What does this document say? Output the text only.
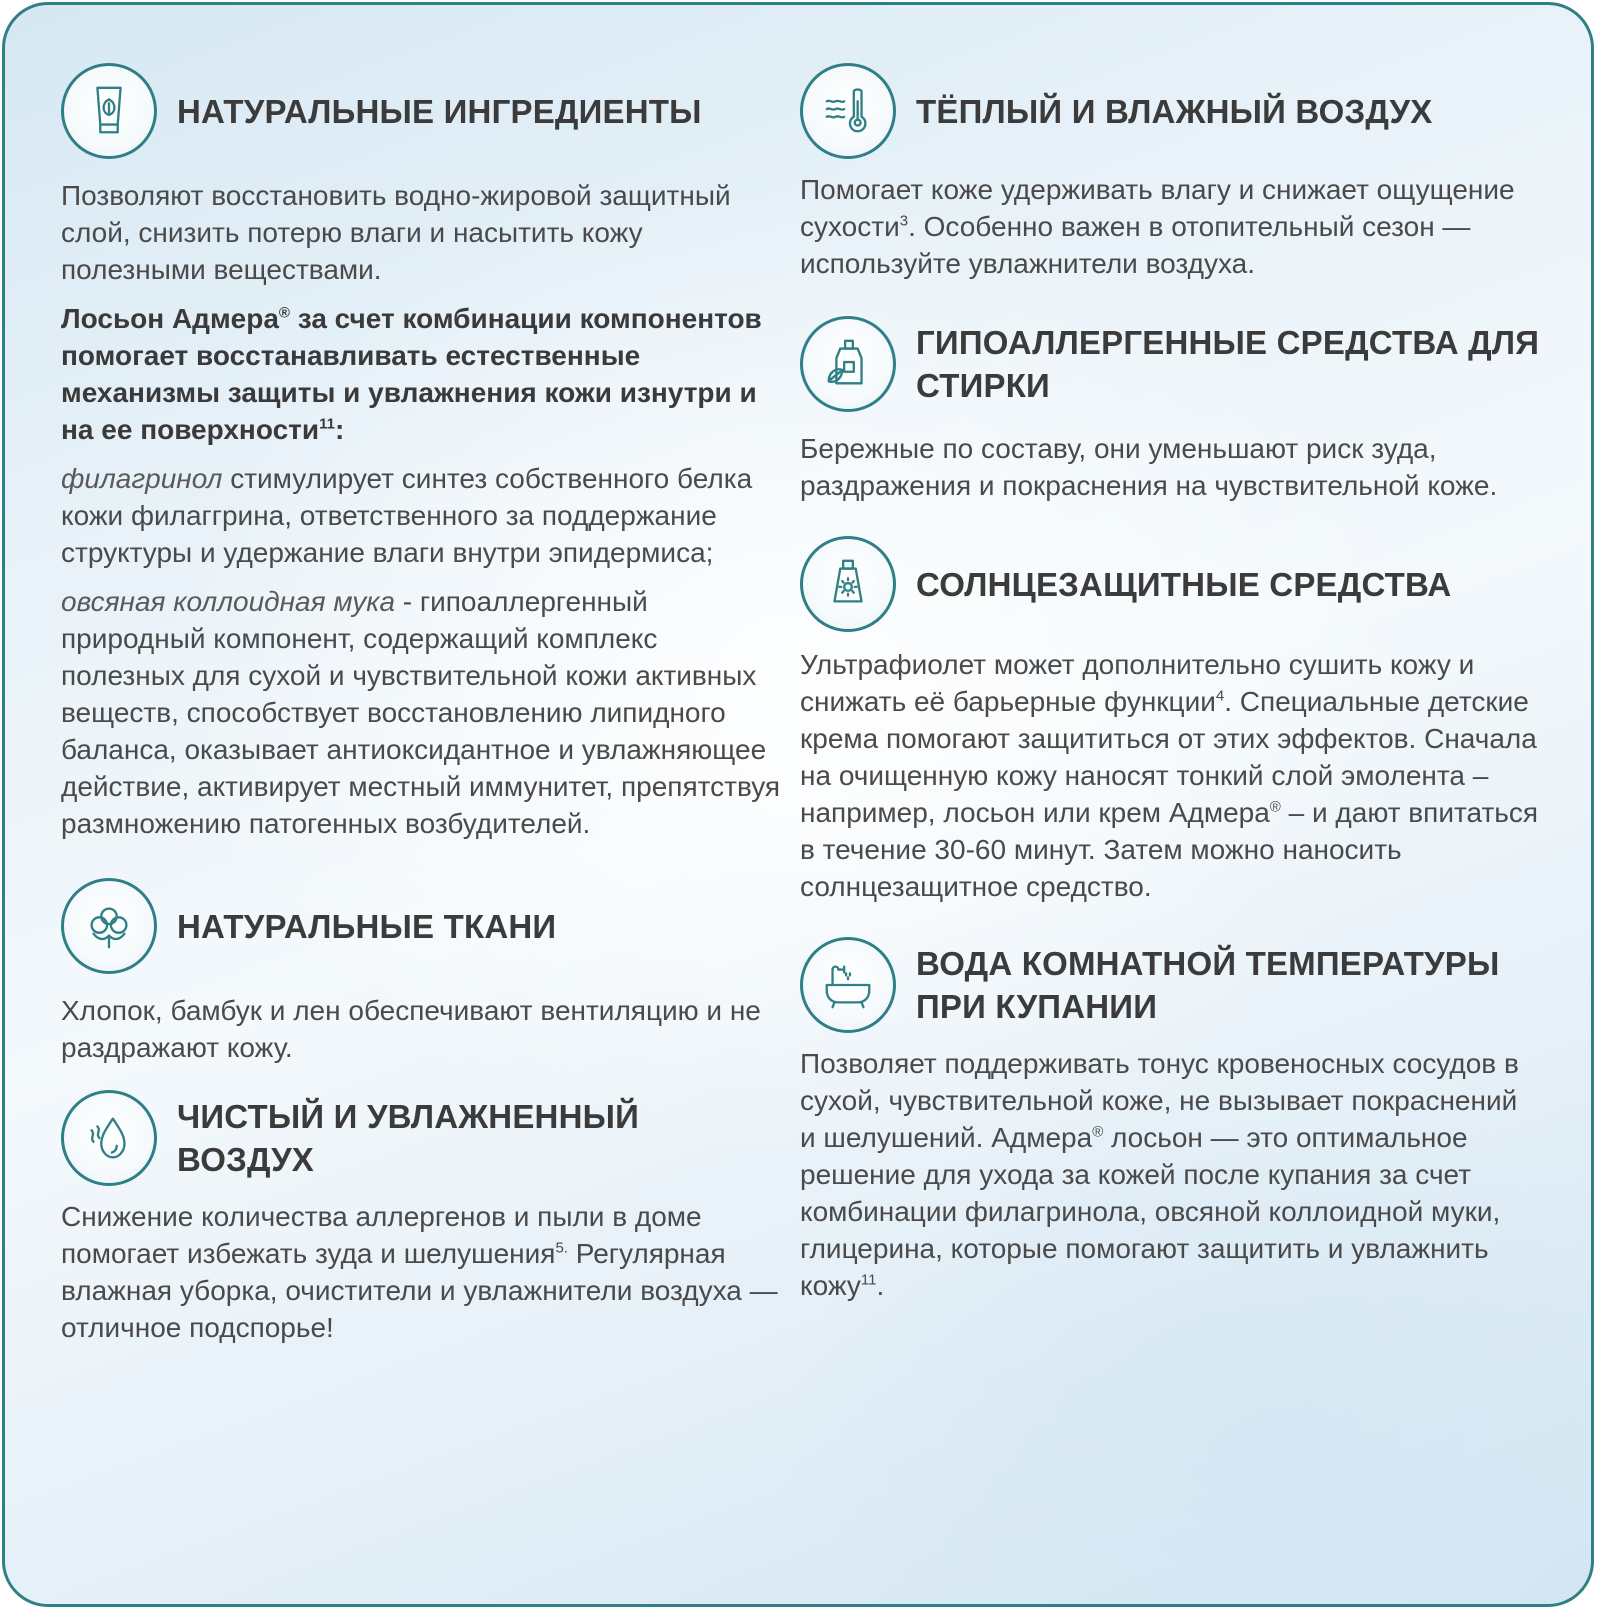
НАТУРАЛЬНЫЕ ИНГРЕДИЕНТЫ

Позволяют восстановить водно-жировой защитный слой, снизить потерю влаги и насытить кожу полезными веществами.

Лосьон Адмера® за счет комбинации компонентов помогает восстанавливать естественные механизмы защиты и увлажнения кожи изнутри и на ее поверхности$^{11}$:

филагринол стимулирует синтез собственного белка кожи филаггрина, ответственного за поддержание структуры и удержание влаги внутри эпидермиса;

овсяная коллоидная мука - гипоаллергенный природный компонент, содержащий комплекс полезных для сухой и чувствительной кожи активных веществ, способствует восстановлению липидного баланса, оказывает антиоксидантное и увлажняющее действие, активирует местный иммунитет, препятствуя размножению патогенных возбудителей.

НАТУРАЛЬНЫЕ ТКАНИ

Хлопок, бамбук и лен обеспечивают вентиляцию и не раздражают кожу.

ЧИСТЫЙ И УВЛАЖНЕННЫЙ ВОЗДУХ

Снижение количества аллергенов и пыли в доме помогает избежать зуда и шелушения$^{5.}$ Регулярная влажная уборка, очистители и увлажнители воздуха — отличное подспорье!

ТЁПЛЫЙ И ВЛАЖНЫЙ ВОЗДУХ

Помогает коже удерживать влагу и снижает ощущение сухости$^3$. Особенно важен в отопительный сезон — используйте увлажнители воздуха.

ГИПОАЛЛЕРГЕННЫЕ СРЕДСТВА ДЛЯ СТИРКИ

Бережные по составу, они уменьшают риск зуда, раздражения и покраснения на чувствительной коже.

СОЛНЦЕЗАЩИТНЫЕ СРЕДСТВА

Ультрафиолет может дополнительно сушить кожу и снижать её барьерные функции$^4$. Специальные детские крема помогают защититься от этих эффектов. Сначала на очищенную кожу наносят тонкий слой эмолента – например, лосьон или крем Адмера® – и дают впитаться в течение 30-60 минут. Затем можно наносить солнцезащитное средство.

ВОДА КОМНАТНОЙ ТЕМПЕРАТУРЫ ПРИ КУПАНИИ

Позволяет поддерживать тонус кровеносных сосудов в сухой, чувствительной коже, не вызывает покраснений и шелушений. Адмера® лосьон — это оптимальное решение для ухода за кожей после купания за счет комбинации филагринола, овсяной коллоидной муки, глицерина, которые помогают защитить и увлажнить кожу$^{11}$.
